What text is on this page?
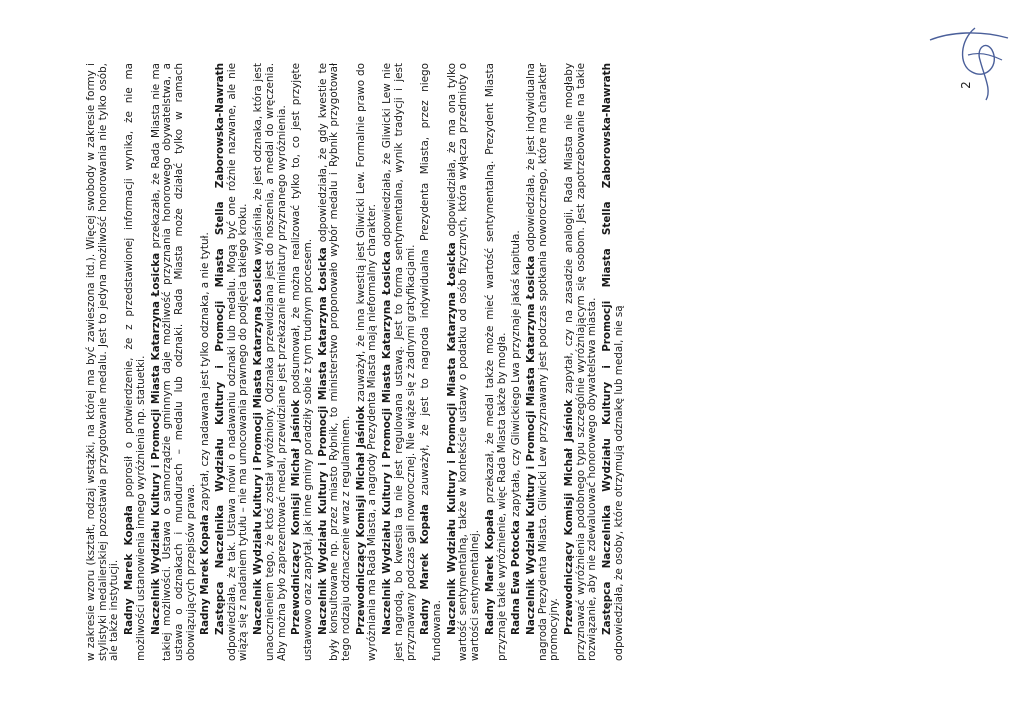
w zakresie wzoru (kształt, rodzaj wstążki, na której ma być zawieszona itd.). Więcej swobody w zakresie formy i stylistyki medalierskiej pozostawia przygotowanie medalu. Jest to jedyna możliwość honorowania nie tylko osób, ale także instytucji. Radny Marek Kopała poprosił o potwierdzenie, że z przedstawionej informacji wynika, że nie ma możliwości ustanowienia innego wyróżnienia np. statuetki. Naczelnik Wydziału Kultury i Promocji Miasta Katarzyna Łosicka przekazała, że Rada Miasta nie ma takiej możliwości. Ustawa o samorządzie gminnym daje możliwość przyznania honorowego obywatelstwa, a ustawa o odznakach i mundurach – medalu lub odznaki. Rada Miasta może działać tylko w ramach obowiązujących przepisów prawa. Radny Marek Kopała zapytał, czy nadawana jest tylko odznaka, a nie tytuł. Zastępca Naczelnika Wydziału Kultury i Promocji Miasta Stella Zaborowska-Nawrath odpowiedziała, że tak. Ustawa mówi o nadawaniu odznaki lub medalu. Mogą być one różnie nazwane, ale nie wiążą się z nadaniem tytułu – nie ma umocowania prawnego do podjęcia takiego kroku. Naczelnik Wydziału Kultury i Promocji Miasta Katarzyna Łosicka wyjaśniła, że jest odznaka, która jest unaocznieniem tego, że ktoś został wyróżniony. Odznaka przewidziana jest do noszenia, a medal do wręczenia. Aby można było zaprezentować medal, przewidziane jest przekazanie miniatury przyznanego wyróżnienia. Przewodniczący Komisji Michał Jaśniok podsumował, że można realizować tylko to, co jest przyjęte ustawowo oraz zapytał, jak inne gminy poradziły sobie z tym trudnym procesem. Naczelnik Wydziału Kultury i Promocji Miasta Katarzyna Łosicka odpowiedziała, że gdy kwestie te były konsultowane np. przez miasto Rybnik, to ministerstwo proponowało wybór medalu i Rybnik przygotował tego rodzaju odznaczenie wraz z regulaminem. Przewodniczący Komisji Michał Jaśniok zauważył, że inna kwestią jest Gliwicki Lew. Formalnie prawo do wyróżniania ma Rada Miasta, a nagrody Prezydenta Miasta mają nieformalny charakter. Naczelnik Wydziału Kultury i Promocji Miasta Katarzyna Łosicka odpowiedziała, że Gliwicki Lew nie jest nagrodą, bo kwestia ta nie jest regulowana ustawą. Jest to forma sentymentalna, wynik tradycji i jest przyznawany podczas gali noworocznej. Nie wiąże się z żadnymi gratyfikacjami. Radny Marek Kopała zauważył, że jest to nagroda indywidualna Prezydenta Miasta, przez niego fundowana. Naczelnik Wydziału Kultury i Promocji Miasta Katarzyna Łosicka odpowiedziała, że ma ona tylko wartość sentymentalną, także w kontekście ustawy o podatku od osób fizycznych, która wyłącza przedmioty o wartości sentymentalnej. Radny Marek Kopała przekazał, że medal także może mieć wartość sentymentalną. Prezydent Miasta przyznaje takie wyróżnienie, więc Rada Miasta także by mogła. Radna Ewa Potocka zapytała, czy Gliwickiego Lwa przyznaje jakaś kapituła. Naczelnik Wydziału Kultury i Promocji Miasta Katarzyna Łosicka odpowiedziała, że jest indywidualna nagroda Prezydenta Miasta. Gliwicki Lew przyznawany jest podczas spotkania noworocznego, które ma charakter promocyjny. Przewodniczący Komisji Michał Jaśniok zapytał, czy na zasadzie analogii, Rada Miasta nie mogłaby przyznawać wyróżnienia podobnego typu szczególnie wyróżniającym się osobom. Jest zapotrzebowanie na takie rozwiązanie, aby nie zdewaluować honorowego obywatelstwa miasta. Zastępca Naczelnika Wydziału Kultury i Promocji Miasta Stella Zaborowska-Nawrath odpowiedziała, że osoby, które otrzymują odznakę lub medal, nie są

2
